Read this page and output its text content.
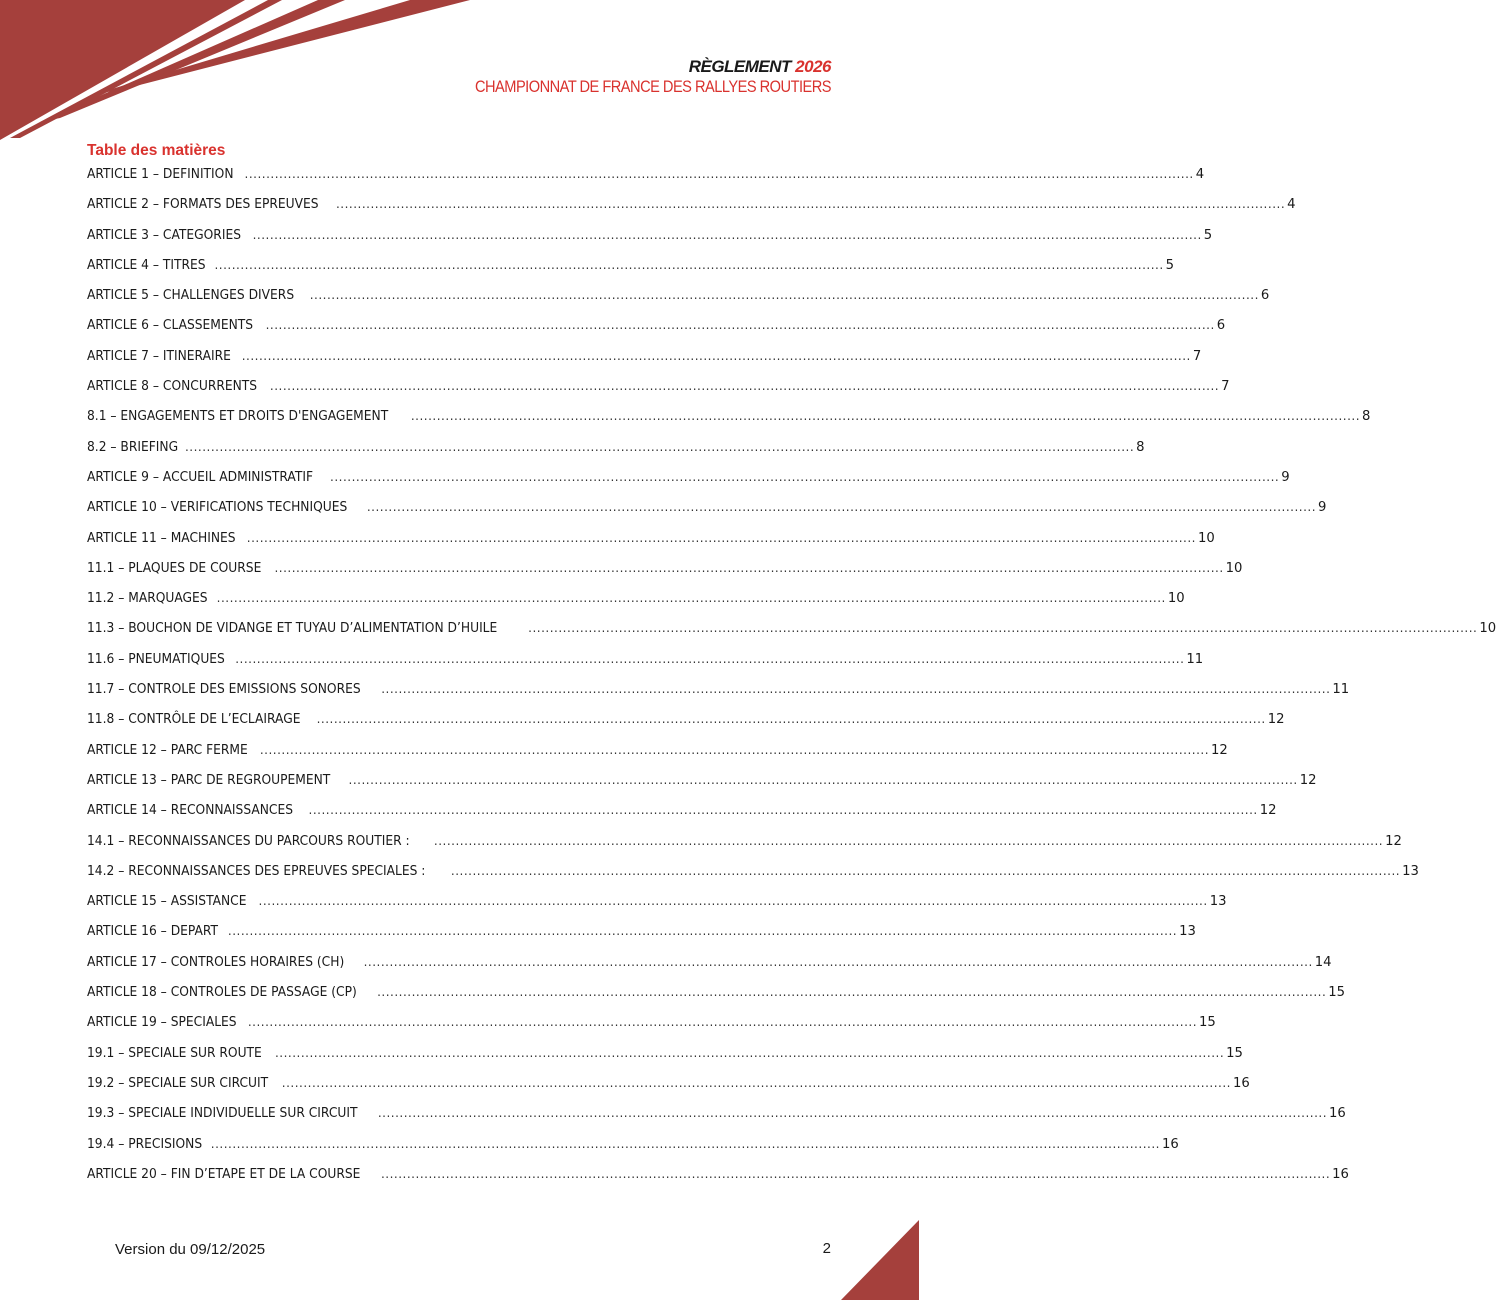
RÈGLEMENT 2026
CHAMPIONNAT DE FRANCE DES RALLYES ROUTIERS
Table des matières
ARTICLE 1 – DEFINITION ............................................................................................................................................................................................................................ 4
ARTICLE 2 – FORMATS DES EPREUVES ............................................................................................................................................................................................................................ 4
ARTICLE 3 – CATEGORIES ............................................................................................................................................................................................................................ 5
ARTICLE 4 – TITRES ............................................................................................................................................................................................................................ 5
ARTICLE 5 – CHALLENGES DIVERS ............................................................................................................................................................................................................................ 6
ARTICLE 6 – CLASSEMENTS ............................................................................................................................................................................................................................ 6
ARTICLE 7 – ITINERAIRE ............................................................................................................................................................................................................................ 7
ARTICLE 8 – CONCURRENTS ............................................................................................................................................................................................................................ 7
8.1 – ENGAGEMENTS ET DROITS D'ENGAGEMENT ............................................................................................................................................................................................................................ 8
8.2 – BRIEFING ............................................................................................................................................................................................................................ 8
ARTICLE 9 – ACCUEIL ADMINISTRATIF ............................................................................................................................................................................................................................ 9
ARTICLE 10 – VERIFICATIONS TECHNIQUES ............................................................................................................................................................................................................................ 9
ARTICLE 11 – MACHINES ............................................................................................................................................................................................................................ 10
11.1 – PLAQUES DE COURSE ............................................................................................................................................................................................................................ 10
11.2 – MARQUAGES ............................................................................................................................................................................................................................ 10
11.3 – BOUCHON DE VIDANGE ET TUYAU D’ALIMENTATION D’HUILE	............................................................................................................................................................................................................................ 10
11.6 – PNEUMATIQUES ............................................................................................................................................................................................................................ 11
11.7 – CONTROLE DES EMISSIONS SONORES ............................................................................................................................................................................................................................ 11
11.8 – CONTRÔLE DE L’ECLAIRAGE ............................................................................................................................................................................................................................ 12
ARTICLE 12 – PARC FERME ............................................................................................................................................................................................................................ 12
ARTICLE 13 – PARC DE REGROUPEMENT ............................................................................................................................................................................................................................ 12
ARTICLE 14 – RECONNAISSANCES ............................................................................................................................................................................................................................ 12
14.1 – RECONNAISSANCES DU PARCOURS ROUTIER : ............................................................................................................................................................................................................................ 12
14.2 – RECONNAISSANCES DES EPREUVES SPECIALES : ............................................................................................................................................................................................................................ 13
ARTICLE 15 – ASSISTANCE ............................................................................................................................................................................................................................ 13
ARTICLE 16 – DEPART ............................................................................................................................................................................................................................ 13
ARTICLE 17 – CONTROLES HORAIRES (CH) ............................................................................................................................................................................................................................ 14
ARTICLE 18 – CONTROLES DE PASSAGE (CP) ............................................................................................................................................................................................................................ 15
ARTICLE 19 – SPECIALES ............................................................................................................................................................................................................................ 15
19.1 – SPECIALE SUR ROUTE ............................................................................................................................................................................................................................ 15
19.2 – SPECIALE SUR CIRCUIT ............................................................................................................................................................................................................................ 16
19.3 – SPECIALE INDIVIDUELLE SUR CIRCUIT ............................................................................................................................................................................................................................ 16
19.4 – PRECISIONS ............................................................................................................................................................................................................................ 16
ARTICLE 20 – FIN D’ETAPE ET DE LA COURSE ............................................................................................................................................................................................................................ 16
Version du 09/12/2025	2
